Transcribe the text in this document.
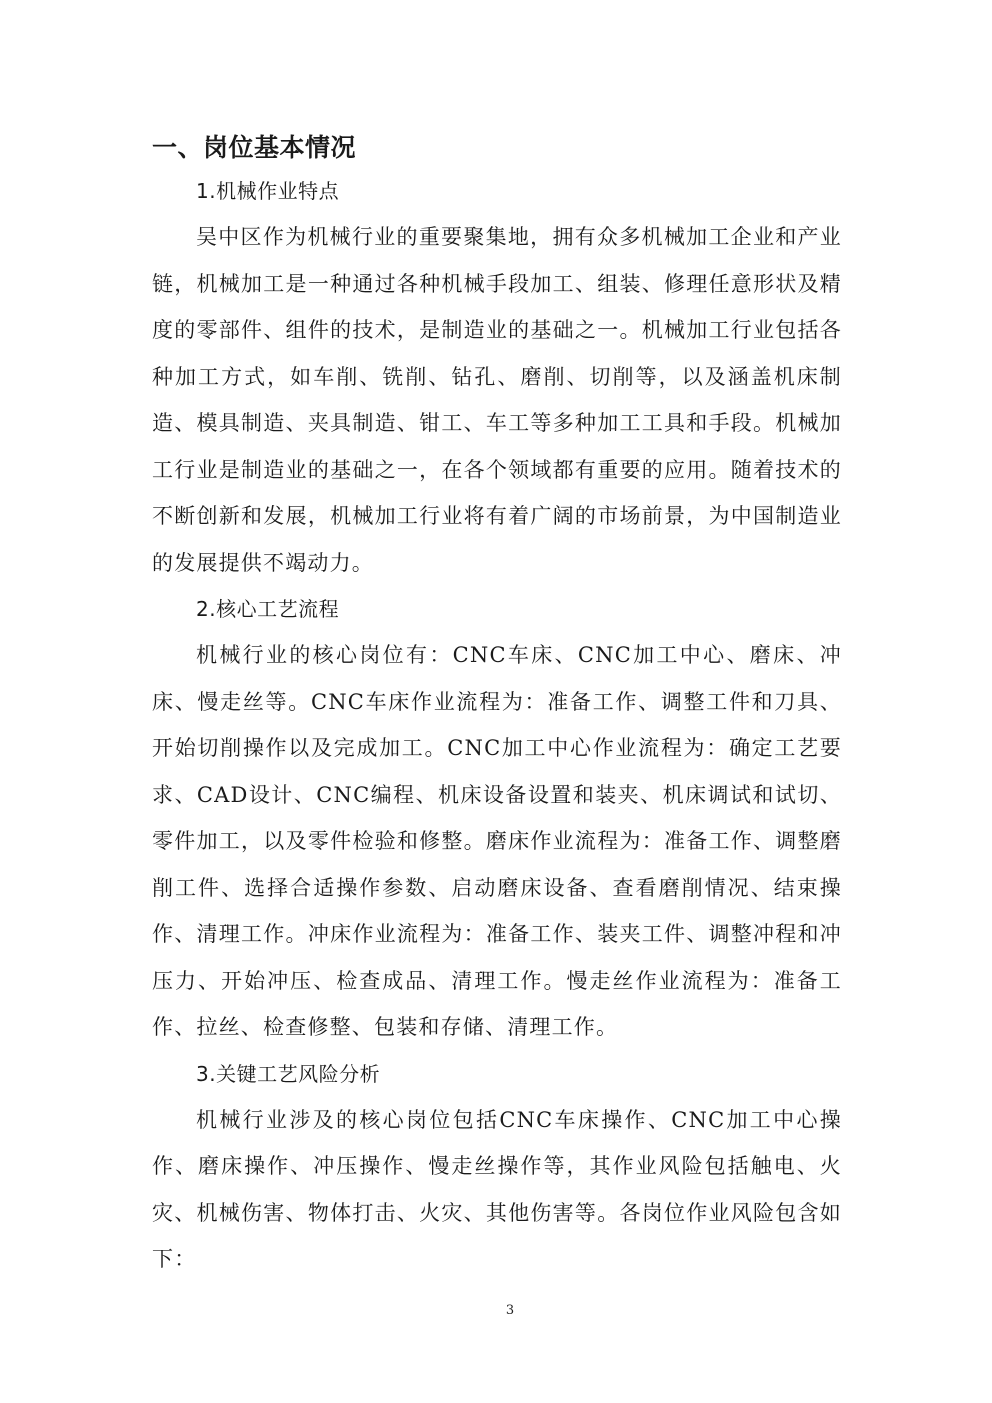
一、岗位基本情况
1.机械作业特点

吴中区作为机械行业的重要聚集地，拥有众多机械加工企业和产业链，机械加工是一种通过各种机械手段加工、组装、修理任意形状及精度的零部件、组件的技术，是制造业的基础之一。机械加工行业包括各种加工方式，如车削、铣削、钻孔、磨削、切削等，以及涵盖机床制造、模具制造、夹具制造、钳工、车工等多种加工工具和手段。机械加工行业是制造业的基础之一，在各个领域都有重要的应用。随着技术的不断创新和发展，机械加工行业将有着广阔的市场前景，为中国制造业的发展提供不竭动力。

2.核心工艺流程

机械行业的核心岗位有：CNC车床、CNC加工中心、磨床、冲床、慢走丝等。CNC车床作业流程为：准备工作、调整工件和刀具、开始切削操作以及完成加工。CNC加工中心作业流程为：确定工艺要求、CAD设计、CNC编程、机床设备设置和装夹、机床调试和试切、零件加工，以及零件检验和修整。磨床作业流程为：准备工作、调整磨削工件、选择合适操作参数、启动磨床设备、查看磨削情况、结束操作、清理工作。冲床作业流程为：准备工作、装夹工件、调整冲程和冲压力、开始冲压、检查成品、清理工作。慢走丝作业流程为：准备工作、拉丝、检查修整、包装和存储、清理工作。

3.关键工艺风险分析

机械行业涉及的核心岗位包括CNC车床操作、CNC加工中心操作、磨床操作、冲压操作、慢走丝操作等，其作业风险包括触电、火灾、机械伤害、物体打击、火灾、其他伤害等。各岗位作业风险包含如下：

3
